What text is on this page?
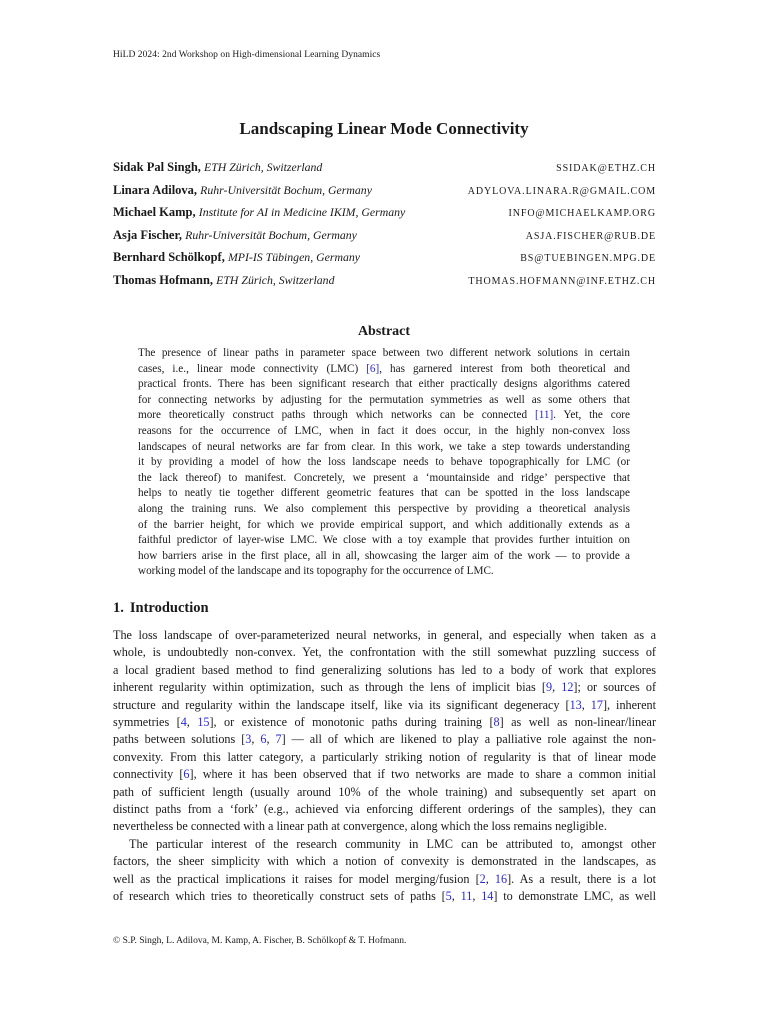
HiLD 2024: 2nd Workshop on High-dimensional Learning Dynamics
Landscaping Linear Mode Connectivity
Sidak Pal Singh, ETH Zürich, Switzerland	SSIDAK@ETHZ.CH
Linara Adilova, Ruhr-Universität Bochum, Germany	ADYLOVA.LINARA.R@GMAIL.COM
Michael Kamp, Institute for AI in Medicine IKIM, Germany	INFO@MICHAELKAMP.ORG
Asja Fischer, Ruhr-Universität Bochum, Germany	ASJA.FISCHER@RUB.DE
Bernhard Schölkopf, MPI-IS Tübingen, Germany	BS@TUEBINGEN.MPG.DE
Thomas Hofmann, ETH Zürich, Switzerland	THOMAS.HOFMANN@INF.ETHZ.CH
Abstract
The presence of linear paths in parameter space between two different network solutions in certain
cases, i.e., linear mode connectivity (LMC) [6], has garnered interest from both theoretical and
practical fronts. There has been significant research that either practically designs algorithms catered
for connecting networks by adjusting for the permutation symmetries as well as some others that
more theoretically construct paths through which networks can be connected [11]. Yet, the core
reasons for the occurrence of LMC, when in fact it does occur, in the highly non-convex loss
landscapes of neural networks are far from clear. In this work, we take a step towards understanding
it by providing a model of how the loss landscape needs to behave topographically for LMC (or
the lack thereof) to manifest. Concretely, we present a ‘mountainside and ridge’ perspective that
helps to neatly tie together different geometric features that can be spotted in the loss landscape
along the training runs. We also complement this perspective by providing a theoretical analysis
of the barrier height, for which we provide empirical support, and which additionally extends as a
faithful predictor of layer-wise LMC. We close with a toy example that provides further intuition on
how barriers arise in the first place, all in all, showcasing the larger aim of the work — to provide a
working model of the landscape and its topography for the occurrence of LMC.
1. Introduction
The loss landscape of over-parameterized neural networks, in general, and especially when taken as a
whole, is undoubtedly non-convex. Yet, the confrontation with the still somewhat puzzling success of
a local gradient based method to find generalizing solutions has led to a body of work that explores
inherent regularity within optimization, such as through the lens of implicit bias [9, 12]; or sources of
structure and regularity within the landscape itself, like via its significant degeneracy [13, 17], inherent
symmetries [4, 15], or existence of monotonic paths during training [8] as well as non-linear/linear
paths between solutions [3, 6, 7] — all of which are likened to play a palliative role against the non-
convexity. From this latter category, a particularly striking notion of regularity is that of linear mode
connectivity [6], where it has been observed that if two networks are made to share a common initial
path of sufficient length (usually around 10% of the whole training) and subsequently set apart on
distinct paths from a ‘fork’ (e.g., achieved via enforcing different orderings of the samples), they can
nevertheless be connected with a linear path at convergence, along which the loss remains negligible.
The particular interest of the research community in LMC can be attributed to, amongst other
factors, the sheer simplicity with which a notion of convexity is demonstrated in the landscapes, as
well as the practical implications it raises for model merging/fusion [2, 16]. As a result, there is a lot
of research which tries to theoretically construct sets of paths [5, 11, 14] to demonstrate LMC, as well
© S.P. Singh, L. Adilova, M. Kamp, A. Fischer, B. Schölkopf & T. Hofmann.
